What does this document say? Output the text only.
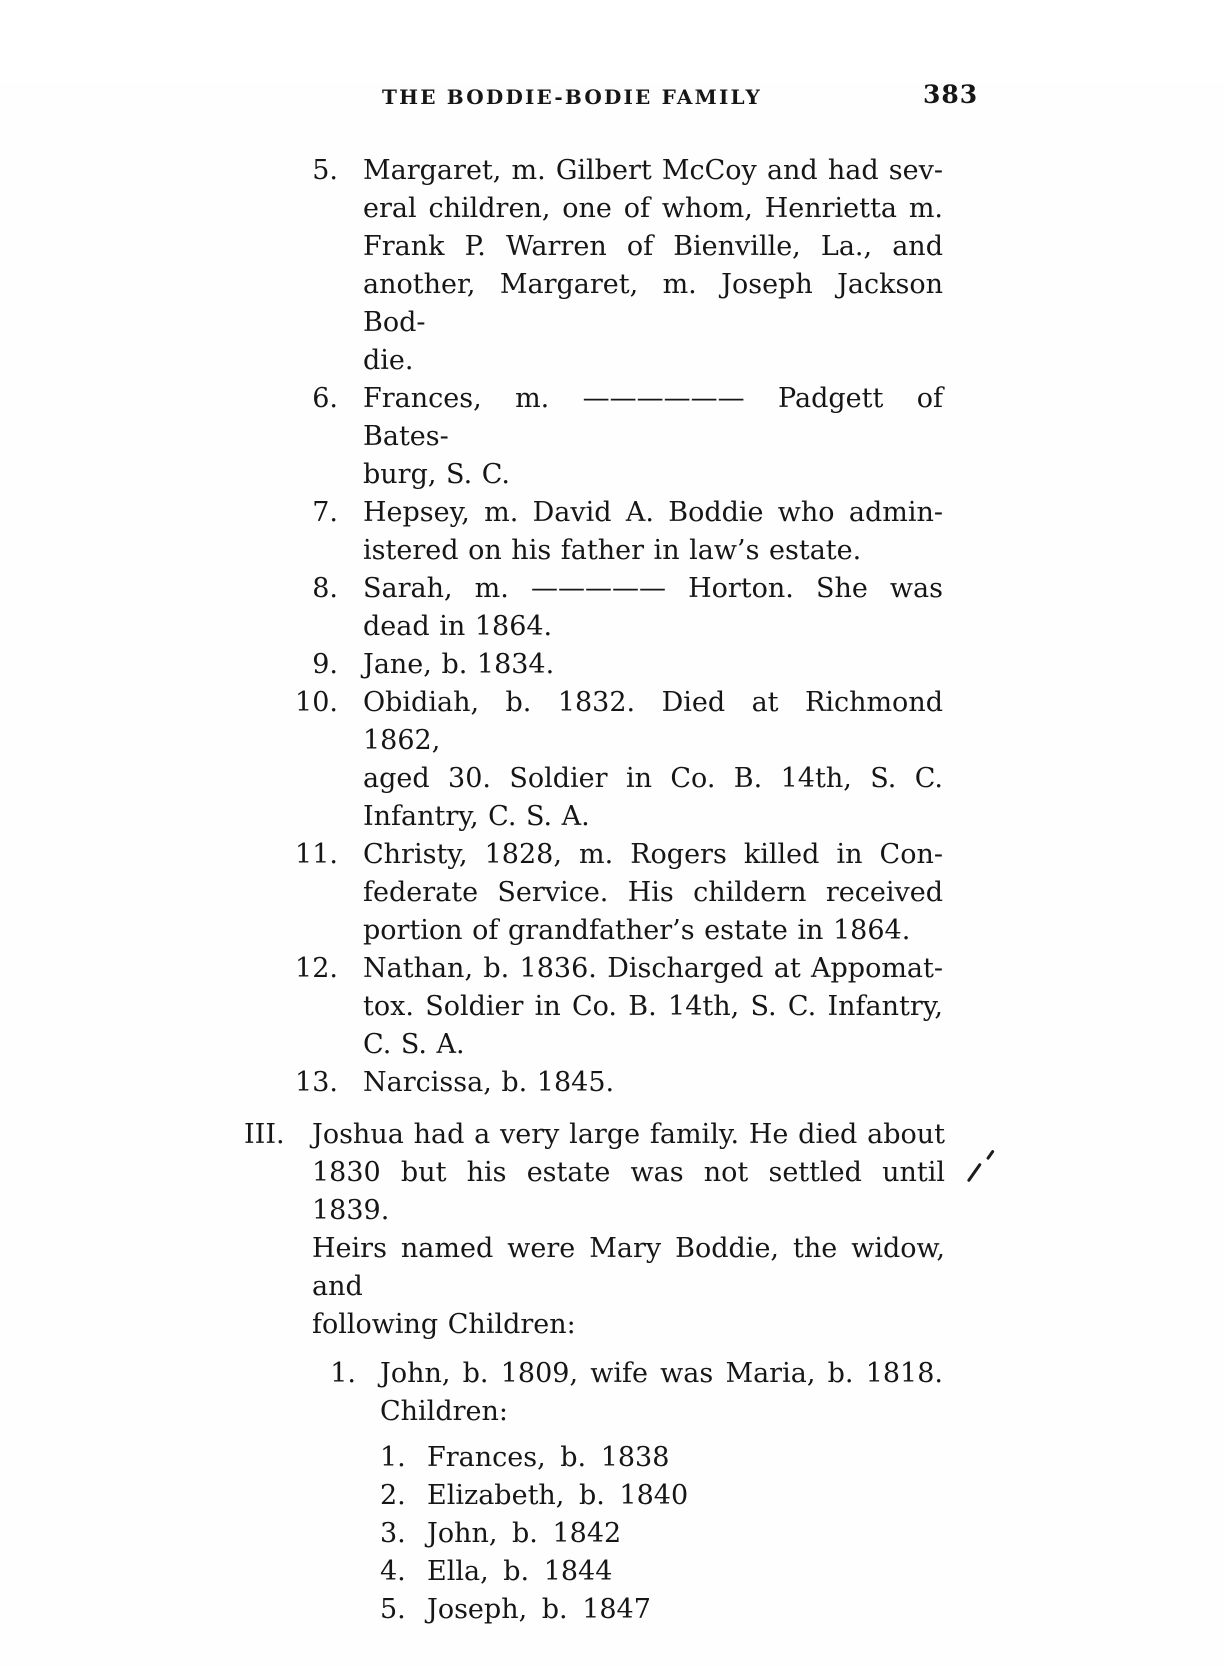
THE BODDIE-BODIE FAMILY	383
5. Margaret, m. Gilbert McCoy and had sev-
eral children, one of whom, Henrietta m.
Frank P. Warren of Bienville, La., and
another, Margaret, m. Joseph Jackson Bod-
die.
6. Frances, m. —————— Padgett of Bates-
burg, S. C.
7. Hepsey, m. David A. Boddie who admin-
istered on his father in law’s estate.
8. Sarah, m. ————— Horton. She was
dead in 1864.
9. Jane, b. 1834.
10. Obidiah, b. 1832. Died at Richmond 1862,
aged 30. Soldier in Co. B. 14th, S. C.
Infantry, C. S. A.
11. Christy, 1828, m. Rogers killed in Con-
federate Service. His childern received
portion of grandfather’s estate in 1864.
12. Nathan, b. 1836. Discharged at Appomat-
tox. Soldier in Co. B. 14th, S. C. Infantry,
C. S. A.
13. Narcissa, b. 1845.
III.	Joshua had a very large family. He died about
1830 but his estate was not settled until 1839.
Heirs named were Mary Boddie, the widow, and
following Children:
1. John, b. 1809, wife was Maria, b. 1818.
Children:
1. Frances, b. 1838
2. Elizabeth, b. 1840
3. John, b. 1842
4. Ella, b. 1844
5. Joseph, b. 1847
